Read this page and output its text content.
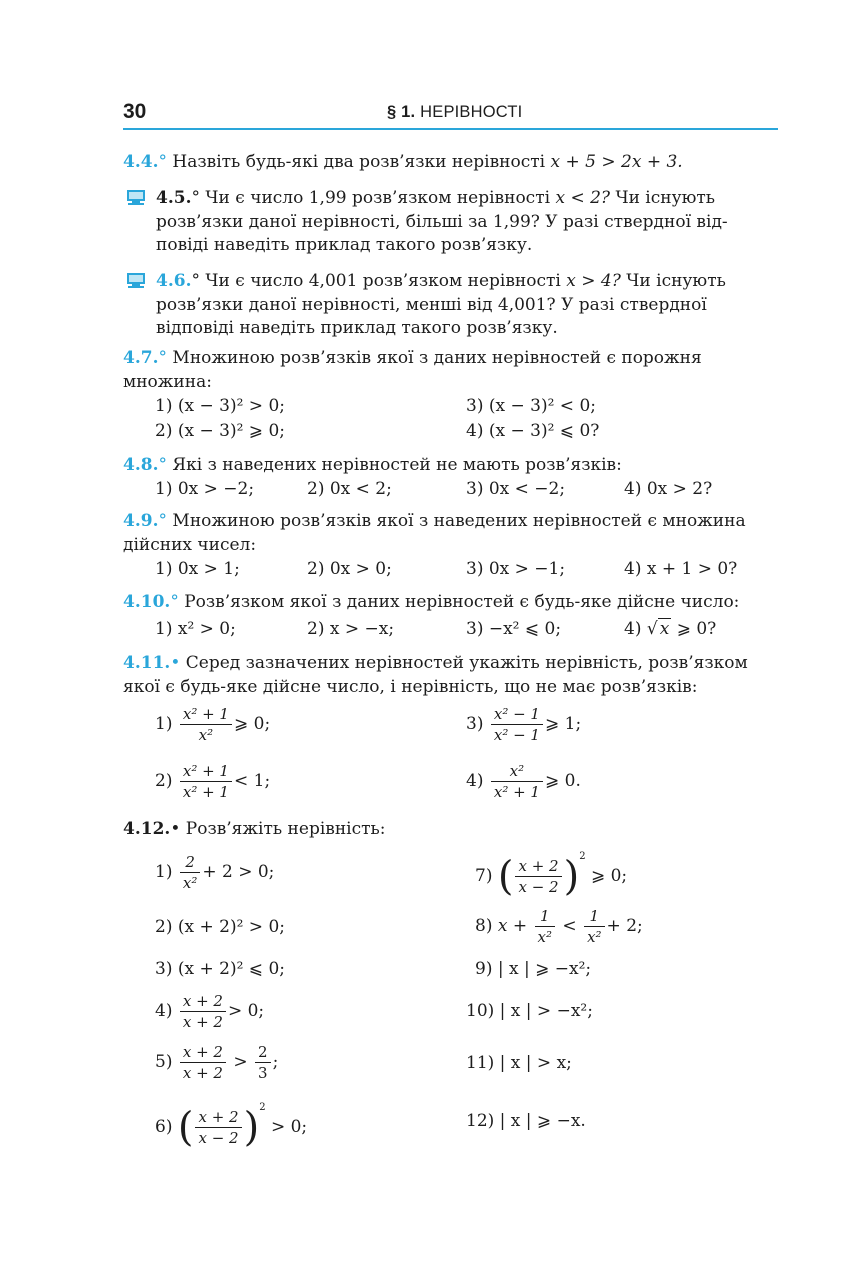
30	§ 1. НЕРІВНОСТІ
4.4.° Назвіть будь-які два розв’язки нерівності x + 5 > 2x + 3.
4.5.° Чи є число 1,99 розв’язком нерівності x < 2? Чи існують
розв’язки даної нерівності, більші за 1,99? У разі ствердної від-
повіді наведіть приклад такого розв’язку.
4.6.° Чи є число 4,001 розв’язком нерівності x > 4? Чи існують
розв’язки даної нерівності, менші від 4,001? У разі ствердної
відповіді наведіть приклад такого розв’язку.
4.7.° Множиною розв’язків якої з даних нерівностей є порожня
множина:
1) (x − 3)² > 0;	3) (x − 3)² < 0;
2) (x − 3)² ⩾ 0;	4) (x − 3)² ⩽ 0?
4.8.° Які з наведених нерівностей не мають розв’язків:
1) 0x > −2;	2) 0x < 2;	3) 0x < −2;	4) 0x > 2?
4.9.° Множиною розв’язків якої з наведених нерівностей є множина
дійсних чисел:
1) 0x > 1;	2) 0x > 0;	3) 0x > −1;	4) x + 1 > 0?
4.10.° Розв’язком якої з даних нерівностей є будь-яке дійсне число:
1) x² > 0;	2) x > −x;	3) −x² ⩽ 0;	4) √ x ⩾ 0?
4.11.• Серед зазначених нерівностей укажіть нерівність, розв’язком
якої є будь-яке дійсне число, і нерівність, що не має розв’язків:
$1) \frac{\text{x² + 1}}{\text{x²}}$ ⩾ 0;	$3) \frac{\text{x² − 1}}{\text{x² − 1}}$ ⩾ 1;
$2) \frac{\text{x² + 1}}{\text{x² + 1}} < 1$;	$4) \frac{\text{x²}}{\text{x² + 1}}$ ⩾ 0.
4.12.• Розв’яжіть нерівність:
$1) \frac{2}{\text{x²}} + 2 > 0$;	7) ( $\frac{x + 2}{x - 2} )^2$ ⩾ 0;
2) (x + 2)² > 0;	8) $x + \frac{1}{\text{x²}} < \frac{1}{\text{x²}} + 2$;
3) (x + 2)² ⩽ 0;	9) | x | ⩾ −x²;
$4) \frac{x + 2}{x + 2} > 0$;	10) | x | > −x²;
$5) \frac{x + 2}{x + 2} > \frac{2}{3}$ ;	11) | x | > x;
6) ( $\frac{x + 2}{x - 2} )^2 > 0$;	12) | x | ⩾ −x.
